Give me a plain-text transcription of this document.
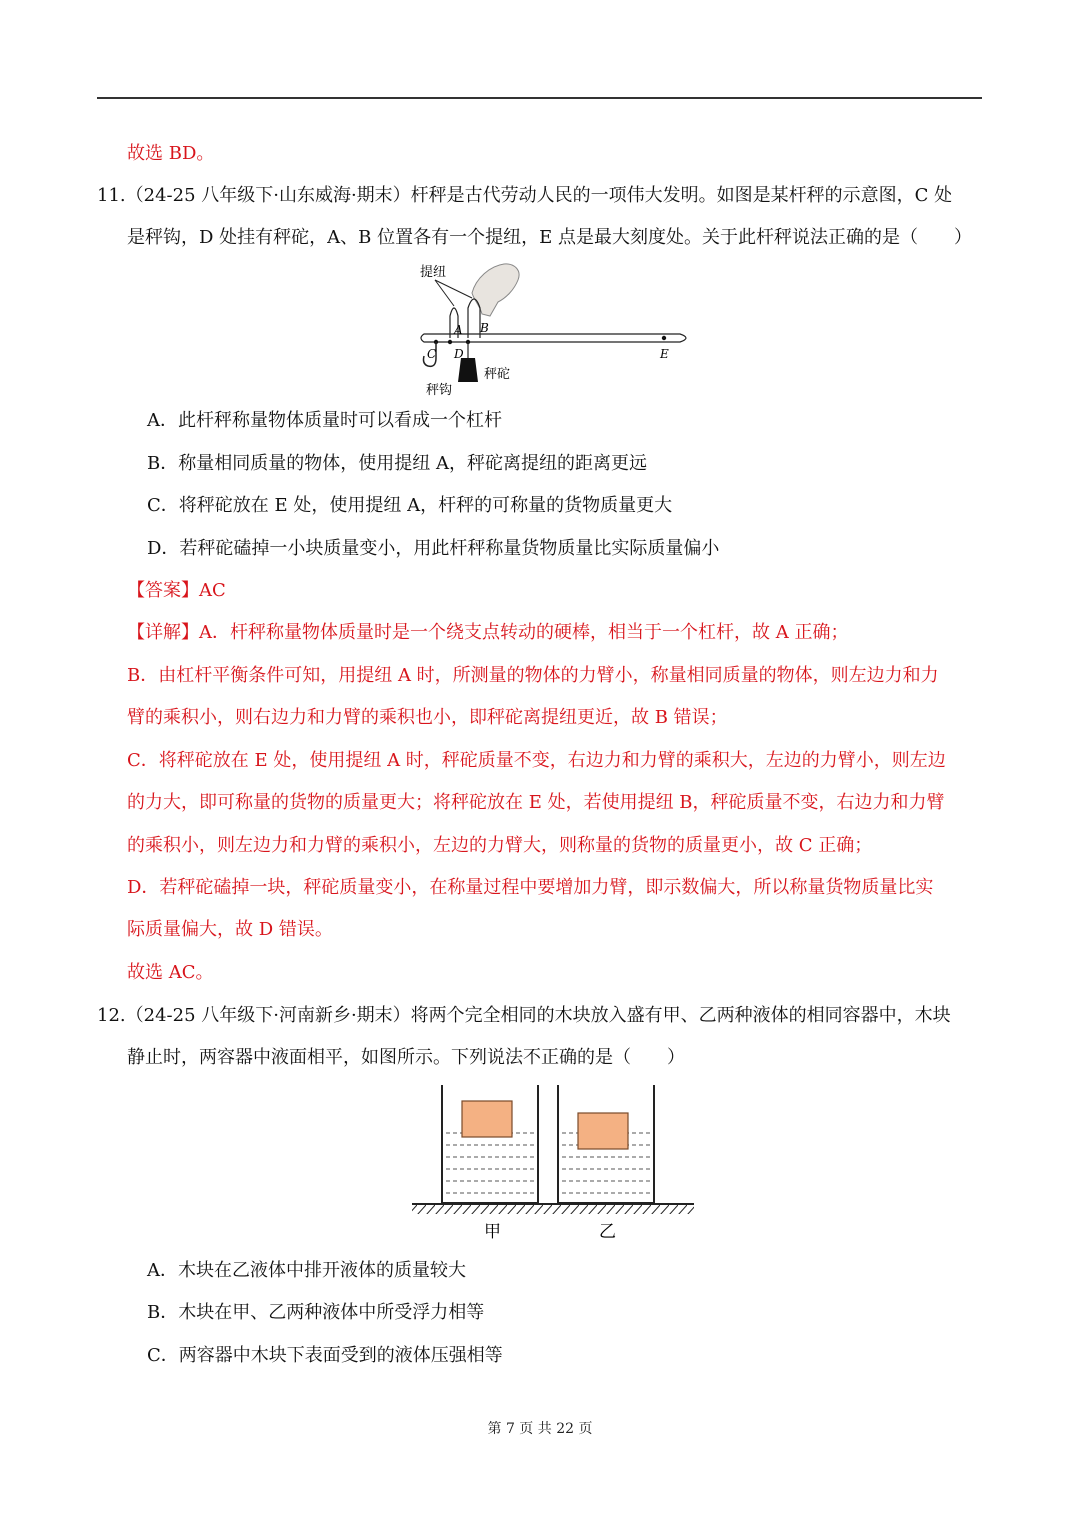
故选 BD。
11.（24-25 八年级下·山东威海·期末）杆秤是古代劳动人民的一项伟大发明。如图是某杆秤的示意图，C 处
是秤钩，D 处挂有秤砣，A、B 位置各有一个提纽，E 点是最大刻度处。关于此杆秤说法正确的是（　　）
提纽
A B
C D	E
秤砣
秤钩
A．此杆秤称量物体质量时可以看成一个杠杆
B．称量相同质量的物体，使用提纽 A，秤砣离提纽的距离更远
C．将秤砣放在 E 处，使用提纽 A，杆秤的可称量的货物质量更大
D．若秤砣磕掉一小块质量变小，用此杆秤称量货物质量比实际质量偏小
【答案】AC
【详解】A．杆秤称量物体质量时是一个绕支点转动的硬棒，相当于一个杠杆，故 A 正确；
B．由杠杆平衡条件可知，用提纽 A 时，所测量的物体的力臂小，称量相同质量的物体，则左边力和力
臂的乘积小，则右边力和力臂的乘积也小，即秤砣离提纽更近，故 B 错误；
C．将秤砣放在 E 处，使用提纽 A 时，秤砣质量不变，右边力和力臂的乘积大，左边的力臂小，则左边
的力大，即可称量的货物的质量更大；将秤砣放在 E 处，若使用提纽 B，秤砣质量不变，右边力和力臂
的乘积小，则左边力和力臂的乘积小，左边的力臂大，则称量的货物的质量更小，故 C 正确；
D．若秤砣磕掉一块，秤砣质量变小，在称量过程中要增加力臂，即示数偏大，所以称量货物质量比实
际质量偏大，故 D 错误。
故选 AC。
12.（24-25 八年级下·河南新乡·期末）将两个完全相同的木块放入盛有甲、乙两种液体的相同容器中，木块
静止时，两容器中液面相平，如图所示。下列说法不正确的是（　　）
甲	乙
A．木块在乙液体中排开液体的质量较大
B．木块在甲、乙两种液体中所受浮力相等
C．两容器中木块下表面受到的液体压强相等
第 7 页 共 22 页
